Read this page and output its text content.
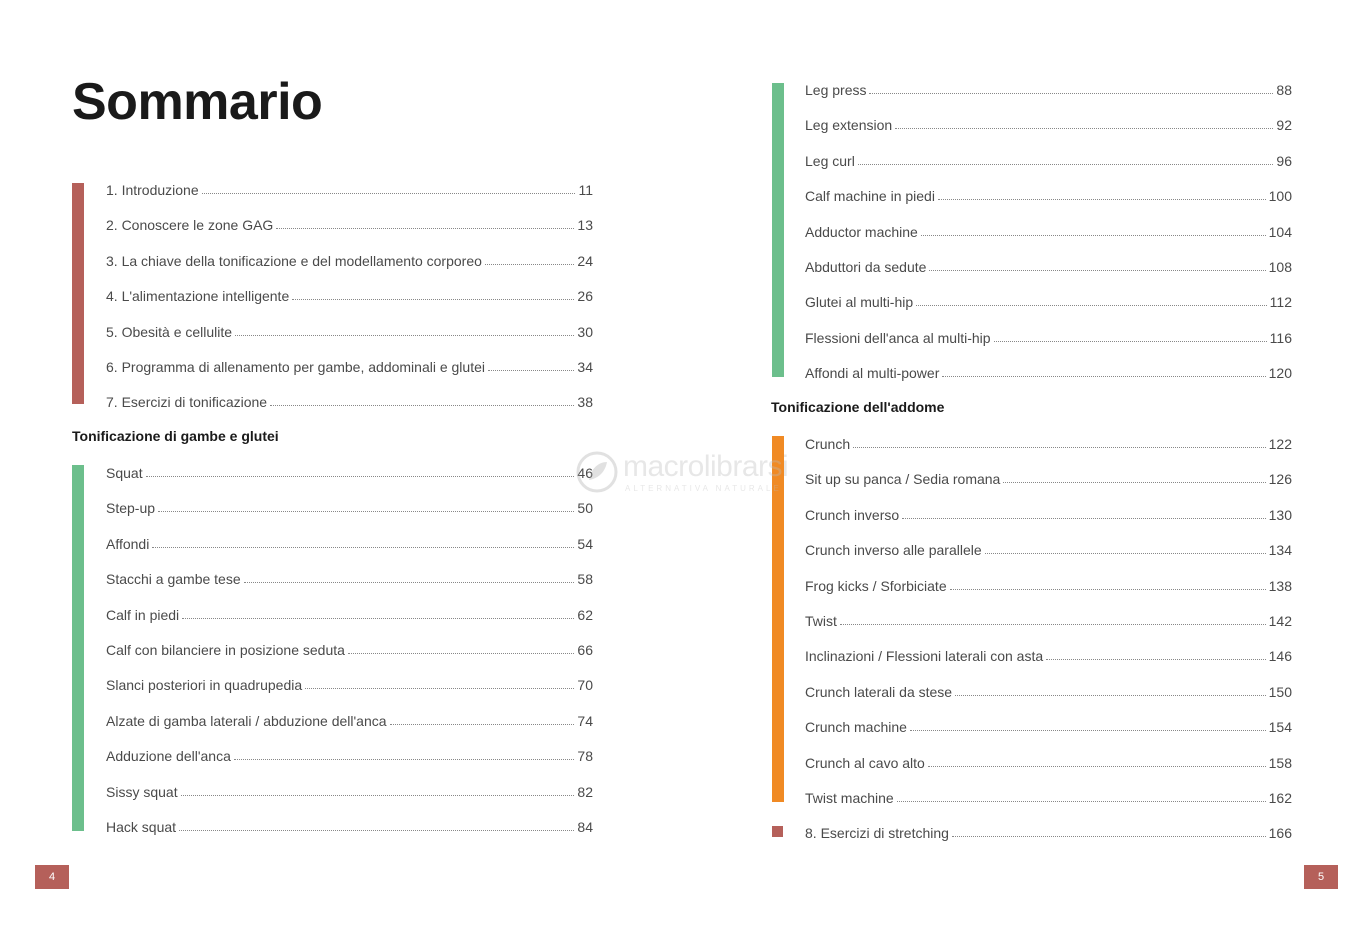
Sommario
1. Introduzione	11
2. Conoscere le zone GAG	13
3. La chiave della tonificazione e del modellamento corporeo	24
4. L'alimentazione intelligente	26
5. Obesità e cellulite	30
6. Programma di allenamento per gambe, addominali e glutei	34
7. Esercizi di tonificazione	38
Tonificazione di gambe e glutei
Squat	46
Step-up	50
Affondi	54
Stacchi a gambe tese	58
Calf in piedi	62
Calf con bilanciere in posizione seduta	66
Slanci posteriori in quadrupedia	70
Alzate di gamba laterali / abduzione dell'anca	74
Adduzione dell'anca	78
Sissy squat	82
Hack squat	84
4
Leg press	88
Leg extension	92
Leg curl	96
Calf machine in piedi	100
Adductor machine	104
Abduttori da sedute	108
Glutei al multi-hip	112
Flessioni dell'anca al multi-hip	116
Affondi al multi-power	120
Tonificazione dell'addome
Crunch	122
Sit up su panca / Sedia romana	126
Crunch inverso	130
Crunch inverso alle parallele	134
Frog kicks / Sforbiciate	138
Twist	142
Inclinazioni / Flessioni laterali con asta	146
Crunch laterali da stese	150
Crunch machine	154
Crunch al cavo alto	158
Twist machine	162
8. Esercizi di stretching	166
5
macrolibrarsi
ALTERNATIVA NATURALE
